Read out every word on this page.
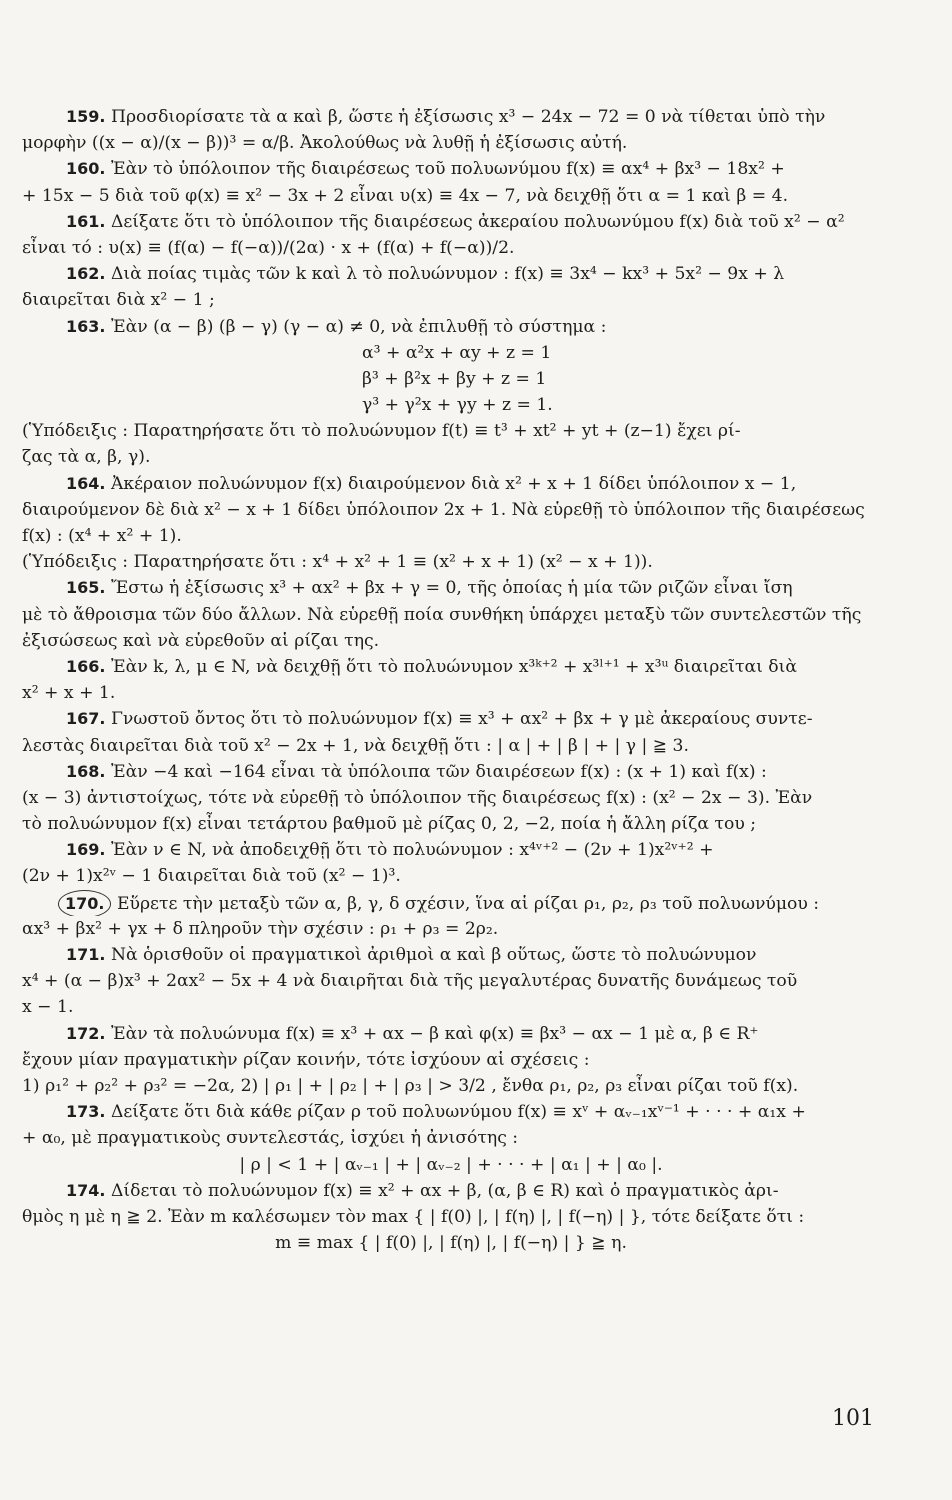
159. Προσδιορίσατε τὰ α καὶ β, ὥστε ἡ ἐξίσωσις x³ − 24x − 72 = 0 νὰ τίθεται ὑπὸ τὴν
μορφὴν ((x − α)/(x − β))³ = α/β. Ἀκολούθως νὰ λυθῇ ἡ ἐξίσωσις αὐτή.
160. Ἐὰν τὸ ὑπόλοιπον τῆς διαιρέσεως τοῦ πολυωνύμου f(x) ≡ αx⁴ + βx³ − 18x² +
+ 15x − 5 διὰ τοῦ φ(x) ≡ x² − 3x + 2 εἶναι υ(x) ≡ 4x − 7, νὰ δειχθῇ ὅτι α = 1 καὶ β = 4.
161. Δείξατε ὅτι τὸ ὑπόλοιπον τῆς διαιρέσεως ἀκεραίου πολυωνύμου f(x) διὰ τοῦ x² − α²
εἶναι τό : υ(x) ≡ (f(α) − f(−α))/(2α) · x + (f(α) + f(−α))/2.
162. Διὰ ποίας τιμὰς τῶν k καὶ λ τὸ πολυώνυμον : f(x) ≡ 3x⁴ − kx³ + 5x² − 9x + λ
διαιρεῖται διὰ x² − 1 ;
163. Ἐὰν (α − β) (β − γ) (γ − α) ≠ 0, νὰ ἐπιλυθῇ τὸ σύστημα :
α³ + α²x + αy + z = 1
β³ + β²x + βy + z = 1
γ³ + γ²x + γy + z = 1.
(Ὑπόδειξις : Παρατηρήσατε ὅτι τὸ πολυώνυμον f(t) ≡ t³ + xt² + yt + (z−1) ἔχει ρί-
ζας τὰ α, β, γ).
164. Ἀκέραιον πολυώνυμον f(x) διαιρούμενον διὰ x² + x + 1 δίδει ὑπόλοιπον x − 1,
διαιρούμενον δὲ διὰ x² − x + 1 δίδει ὑπόλοιπον 2x + 1. Νὰ εὑρεθῇ τὸ ὑπόλοιπον τῆς διαιρέσεως
f(x) : (x⁴ + x² + 1).
(Ὑπόδειξις : Παρατηρήσατε ὅτι : x⁴ + x² + 1 ≡ (x² + x + 1) (x² − x + 1)).
165. Ἔστω ἡ ἐξίσωσις x³ + αx² + βx + γ = 0, τῆς ὁποίας ἡ μία τῶν ριζῶν εἶναι ἴση
μὲ τὸ ἄθροισμα τῶν δύο ἄλλων. Νὰ εὑρεθῇ ποία συνθήκη ὑπάρχει μεταξὺ τῶν συντελεστῶν τῆς
ἐξισώσεως καὶ νὰ εὑρεθοῦν αἱ ρίζαι της.
166. Ἐὰν k, λ, μ ∈ N, νὰ δειχθῇ ὅτι τὸ πολυώνυμον x³ᵏ⁺² + x³ˡ⁺¹ + x³ᵘ διαιρεῖται διὰ
x² + x + 1.
167. Γνωστοῦ ὄντος ὅτι τὸ πολυώνυμον f(x) ≡ x³ + αx² + βx + γ μὲ ἀκεραίους συντε-
λεστὰς διαιρεῖται διὰ τοῦ x² − 2x + 1, νὰ δειχθῇ ὅτι : | α | + | β | + | γ | ≧ 3.
168. Ἐὰν −4 καὶ −164 εἶναι τὰ ὑπόλοιπα τῶν διαιρέσεων f(x) : (x + 1) καὶ f(x) :
(x − 3) ἀντιστοίχως, τότε νὰ εὑρεθῇ τὸ ὑπόλοιπον τῆς διαιρέσεως f(x) : (x² − 2x − 3). Ἐὰν
τὸ πολυώνυμον f(x) εἶναι τετάρτου βαθμοῦ μὲ ρίζας 0, 2, −2, ποία ἡ ἄλλη ρίζα του ;
169. Ἐὰν ν ∈ N, νὰ ἀποδειχθῇ ὅτι τὸ πολυώνυμον : x⁴ᵛ⁺² − (2ν + 1)x²ᵛ⁺² +
(2ν + 1)x²ᵛ − 1 διαιρεῖται διὰ τοῦ (x² − 1)³.
170. Εὕρετε τὴν μεταξὺ τῶν α, β, γ, δ σχέσιν, ἵνα αἱ ρίζαι ρ₁, ρ₂, ρ₃ τοῦ πολυωνύμου :
αx³ + βx² + γx + δ πληροῦν τὴν σχέσιν : ρ₁ + ρ₃ = 2ρ₂.
171. Νὰ ὁρισθοῦν οἱ πραγματικοὶ ἀριθμοὶ α καὶ β οὕτως, ὥστε τὸ πολυώνυμον
x⁴ + (α − β)x³ + 2αx² − 5x + 4 νὰ διαιρῆται διὰ τῆς μεγαλυτέρας δυνατῆς δυνάμεως τοῦ
x − 1.
172. Ἐὰν τὰ πολυώνυμα f(x) ≡ x³ + αx − β καὶ φ(x) ≡ βx³ − αx − 1 μὲ α, β ∈ R⁺
ἔχουν μίαν πραγματικὴν ρίζαν κοινήν, τότε ἰσχύουν αἱ σχέσεις :
1) ρ₁² + ρ₂² + ρ₃² = −2α, 2) | ρ₁ | + | ρ₂ | + | ρ₃ | > 3/2 , ἔνθα ρ₁, ρ₂, ρ₃ εἶναι ρίζαι τοῦ f(x).
173. Δείξατε ὅτι διὰ κάθε ρίζαν ρ τοῦ πολυωνύμου f(x) ≡ xᵛ + αᵥ₋₁xᵛ⁻¹ + · · · + α₁x +
+ α₀, μὲ πραγματικοὺς συντελεστάς, ἰσχύει ἡ ἀνισότης :
| ρ | < 1 + | αᵥ₋₁ | + | αᵥ₋₂ | + · · · + | α₁ | + | α₀ |.
174. Δίδεται τὸ πολυώνυμον f(x) ≡ x² + αx + β, (α, β ∈ R) καὶ ὁ πραγματικὸς ἀρι-
θμὸς η μὲ η ≧ 2. Ἐὰν m καλέσωμεν τὸν max { | f(0) |, | f(η) |, | f(−η) | }, τότε δείξατε ὅτι :
m ≡ max { | f(0) |, | f(η) |, | f(−η) | } ≧ η.
101
